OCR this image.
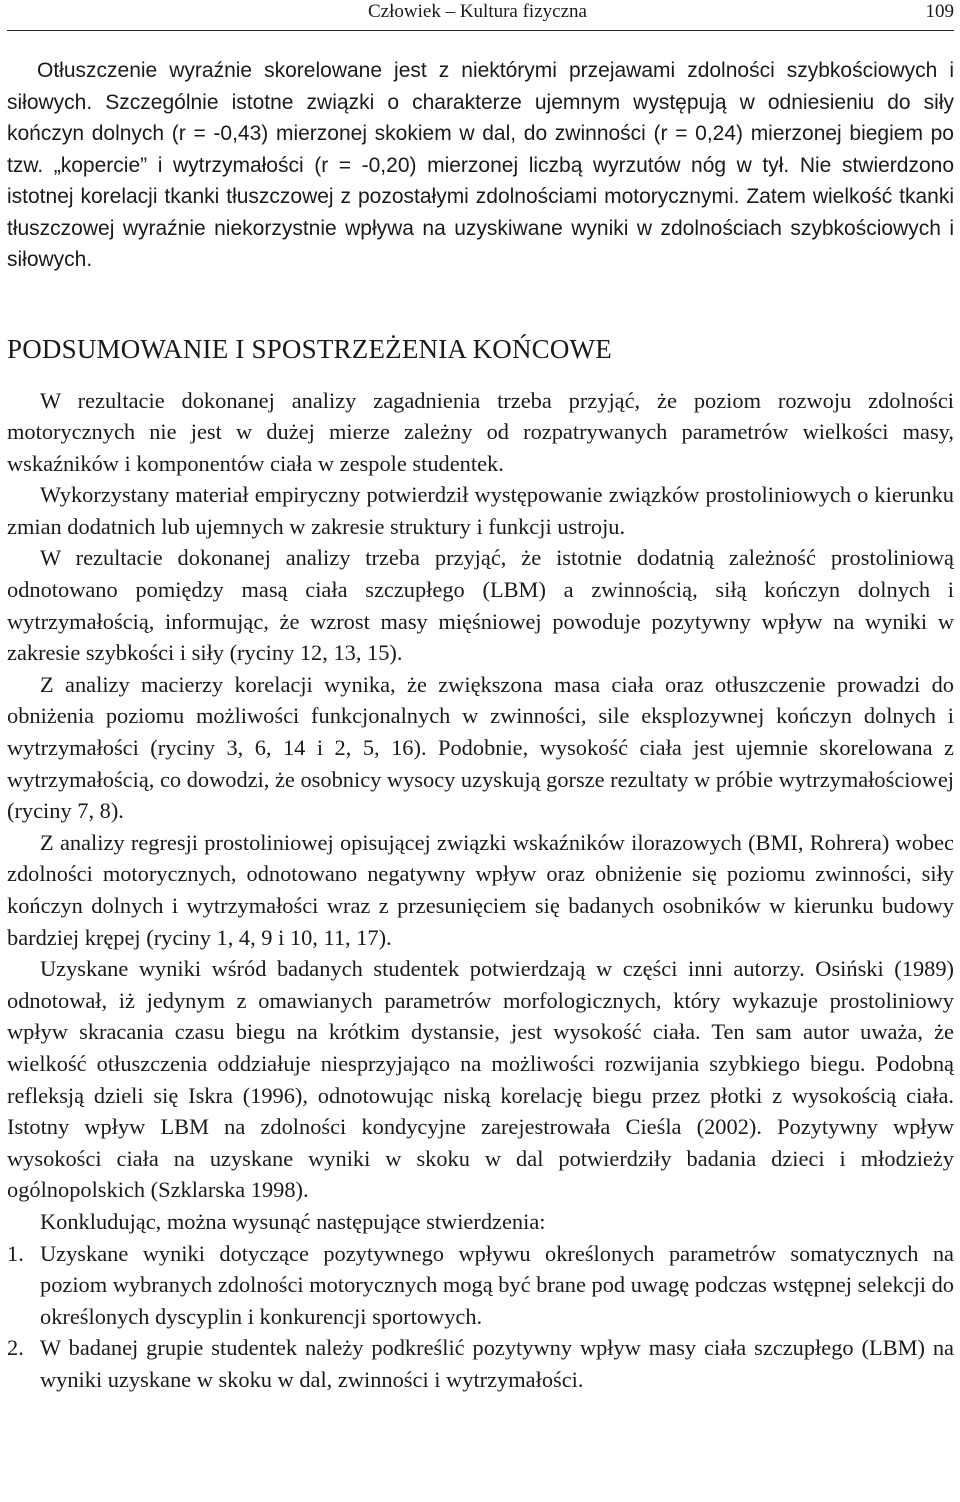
Człowiek – Kultura fizyczna	109

Otłuszczenie wyraźnie skorelowane jest z niektórymi przejawami zdolności szybkościowych i siłowych. Szczególnie istotne związki o charakterze ujemnym występują w odniesieniu do siły kończyn dolnych (r = -0,43) mierzonej skokiem w dal, do zwinności (r = 0,24) mierzonej biegiem po tzw. „kopercie” i wytrzymałości (r = -0,20) mierzonej liczbą wyrzutów nóg w tył. Nie stwierdzono istotnej korelacji tkanki tłuszczowej z pozostałymi zdolnościami motorycznymi. Zatem wielkość tkanki tłuszczowej wyraźnie niekorzystnie wpływa na uzyskiwane wyniki w zdolnościach szybkościowych i siłowych.

PODSUMOWANIE I SPOSTRZEŻENIA KOŃCOWE

W rezultacie dokonanej analizy zagadnienia trzeba przyjąć, że poziom rozwoju zdolności motorycznych nie jest w dużej mierze zależny od rozpatrywanych parametrów wielkości masy, wskaźników i komponentów ciała w zespole studentek.

Wykorzystany materiał empiryczny potwierdził występowanie związków prostoliniowych o kierunku zmian dodatnich lub ujemnych w zakresie struktury i funkcji ustroju.

W rezultacie dokonanej analizy trzeba przyjąć, że istotnie dodatnią zależność prostoliniową odnotowano pomiędzy masą ciała szczupłego (LBM) a zwinnością, siłą kończyn dolnych i wytrzymałością, informując, że wzrost masy mięśniowej powoduje pozytywny wpływ na wyniki w zakresie szybkości i siły (ryciny 12, 13, 15).

Z analizy macierzy korelacji wynika, że zwiększona masa ciała oraz otłuszczenie prowadzi do obniżenia poziomu możliwości funkcjonalnych w zwinności, sile eksplozywnej kończyn dolnych i wytrzymałości (ryciny 3, 6, 14 i 2, 5, 16). Podobnie, wysokość ciała jest ujemnie skorelowana z wytrzymałością, co dowodzi, że osobnicy wysocy uzyskują gorsze rezultaty w próbie wytrzymałościowej (ryciny 7, 8).

Z analizy regresji prostoliniowej opisującej związki wskaźników ilorazowych (BMI, Rohrera) wobec zdolności motorycznych, odnotowano negatywny wpływ oraz obniżenie się poziomu zwinności, siły kończyn dolnych i wytrzymałości wraz z przesunięciem się badanych osobników w kierunku budowy bardziej krępej (ryciny 1, 4, 9 i 10, 11, 17).

Uzyskane wyniki wśród badanych studentek potwierdzają w części inni autorzy. Osiński (1989) odnotował, iż jedynym z omawianych parametrów morfologicznych, który wykazuje prostoliniowy wpływ skracania czasu biegu na krótkim dystansie, jest wysokość ciała. Ten sam autor uważa, że wielkość otłuszczenia oddziałuje niesprzyjająco na możliwości rozwijania szybkiego biegu. Podobną refleksją dzieli się Iskra (1996), odnotowując niską korelację biegu przez płotki z wysokością ciała. Istotny wpływ LBM na zdolności kondycyjne zarejestrowała Cieśla (2002). Pozytywny wpływ wysokości ciała na uzyskane wyniki w skoku w dal potwierdziły badania dzieci i młodzieży ogólnopolskich (Szklarska 1998).

Konkludując, można wysunąć następujące stwierdzenia:

1. Uzyskane wyniki dotyczące pozytywnego wpływu określonych parametrów somatycznych na poziom wybranych zdolności motorycznych mogą być brane pod uwagę podczas wstępnej selekcji do określonych dyscyplin i konkurencji sportowych.
2. W badanej grupie studentek należy podkreślić pozytywny wpływ masy ciała szczupłego (LBM) na wyniki uzyskane w skoku w dal, zwinności i wytrzymałości.
